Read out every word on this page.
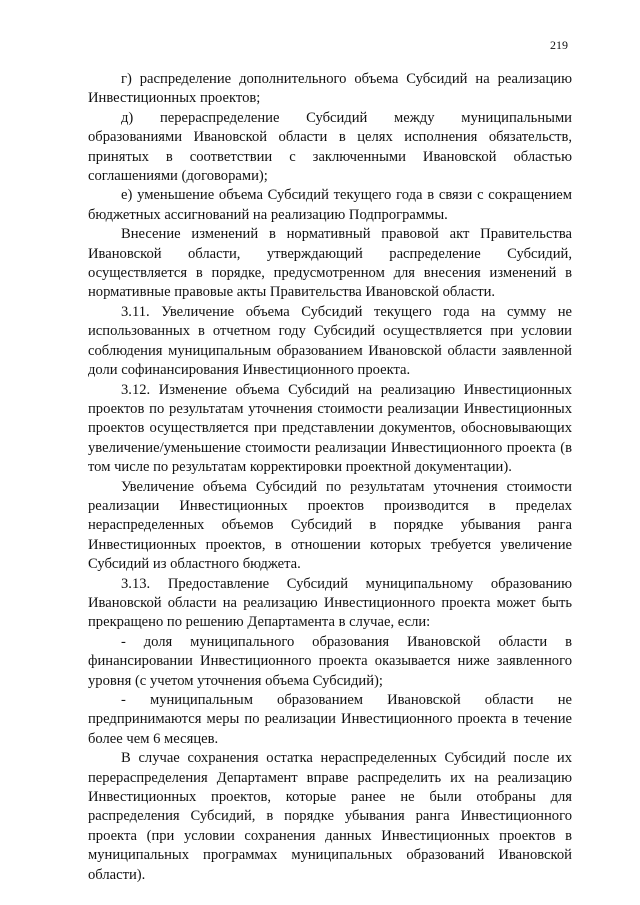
219

г) распределение дополнительного объема Субсидий на реализацию Инвестиционных проектов;

д) перераспределение Субсидий между муниципальными образованиями Ивановской области в целях исполнения обязательств, принятых в соответствии с заключенными Ивановской областью соглашениями (договорами);

е) уменьшение объема Субсидий текущего года в связи с сокращением бюджетных ассигнований на реализацию Подпрограммы.

Внесение изменений в нормативный правовой акт Правительства Ивановской области, утверждающий распределение Субсидий, осуществляется в порядке, предусмотренном для внесения изменений в нормативные правовые акты Правительства Ивановской области.

3.11. Увеличение объема Субсидий текущего года на сумму не использованных в отчетном году Субсидий осуществляется при условии соблюдения муниципальным образованием Ивановской области заявленной доли софинансирования Инвестиционного проекта.

3.12. Изменение объема Субсидий на реализацию Инвестиционных проектов по результатам уточнения стоимости реализации Инвестиционных проектов осуществляется при представлении документов, обосновывающих увеличение/уменьшение стоимости реализации Инвестиционного проекта (в том числе по результатам корректировки проектной документации).

Увеличение объема Субсидий по результатам уточнения стоимости реализации Инвестиционных проектов производится в пределах нераспределенных объемов Субсидий в порядке убывания ранга Инвестиционных проектов, в отношении которых требуется увеличение Субсидий из областного бюджета.

3.13. Предоставление Субсидий муниципальному образованию Ивановской области на реализацию Инвестиционного проекта может быть прекращено по решению Департамента в случае, если:

- доля муниципального образования Ивановской области в финансировании Инвестиционного проекта оказывается ниже заявленного уровня (с учетом уточнения объема Субсидий);

- муниципальным образованием Ивановской области не предпринимаются меры по реализации Инвестиционного проекта в течение более чем 6 месяцев.

В случае сохранения остатка нераспределенных Субсидий после их перераспределения Департамент вправе распределить их на реализацию Инвестиционных проектов, которые ранее не были отобраны для распределения Субсидий, в порядке убывания ранга Инвестиционного проекта (при условии сохранения данных Инвестиционных проектов в муниципальных программах муниципальных образований Ивановской области).
